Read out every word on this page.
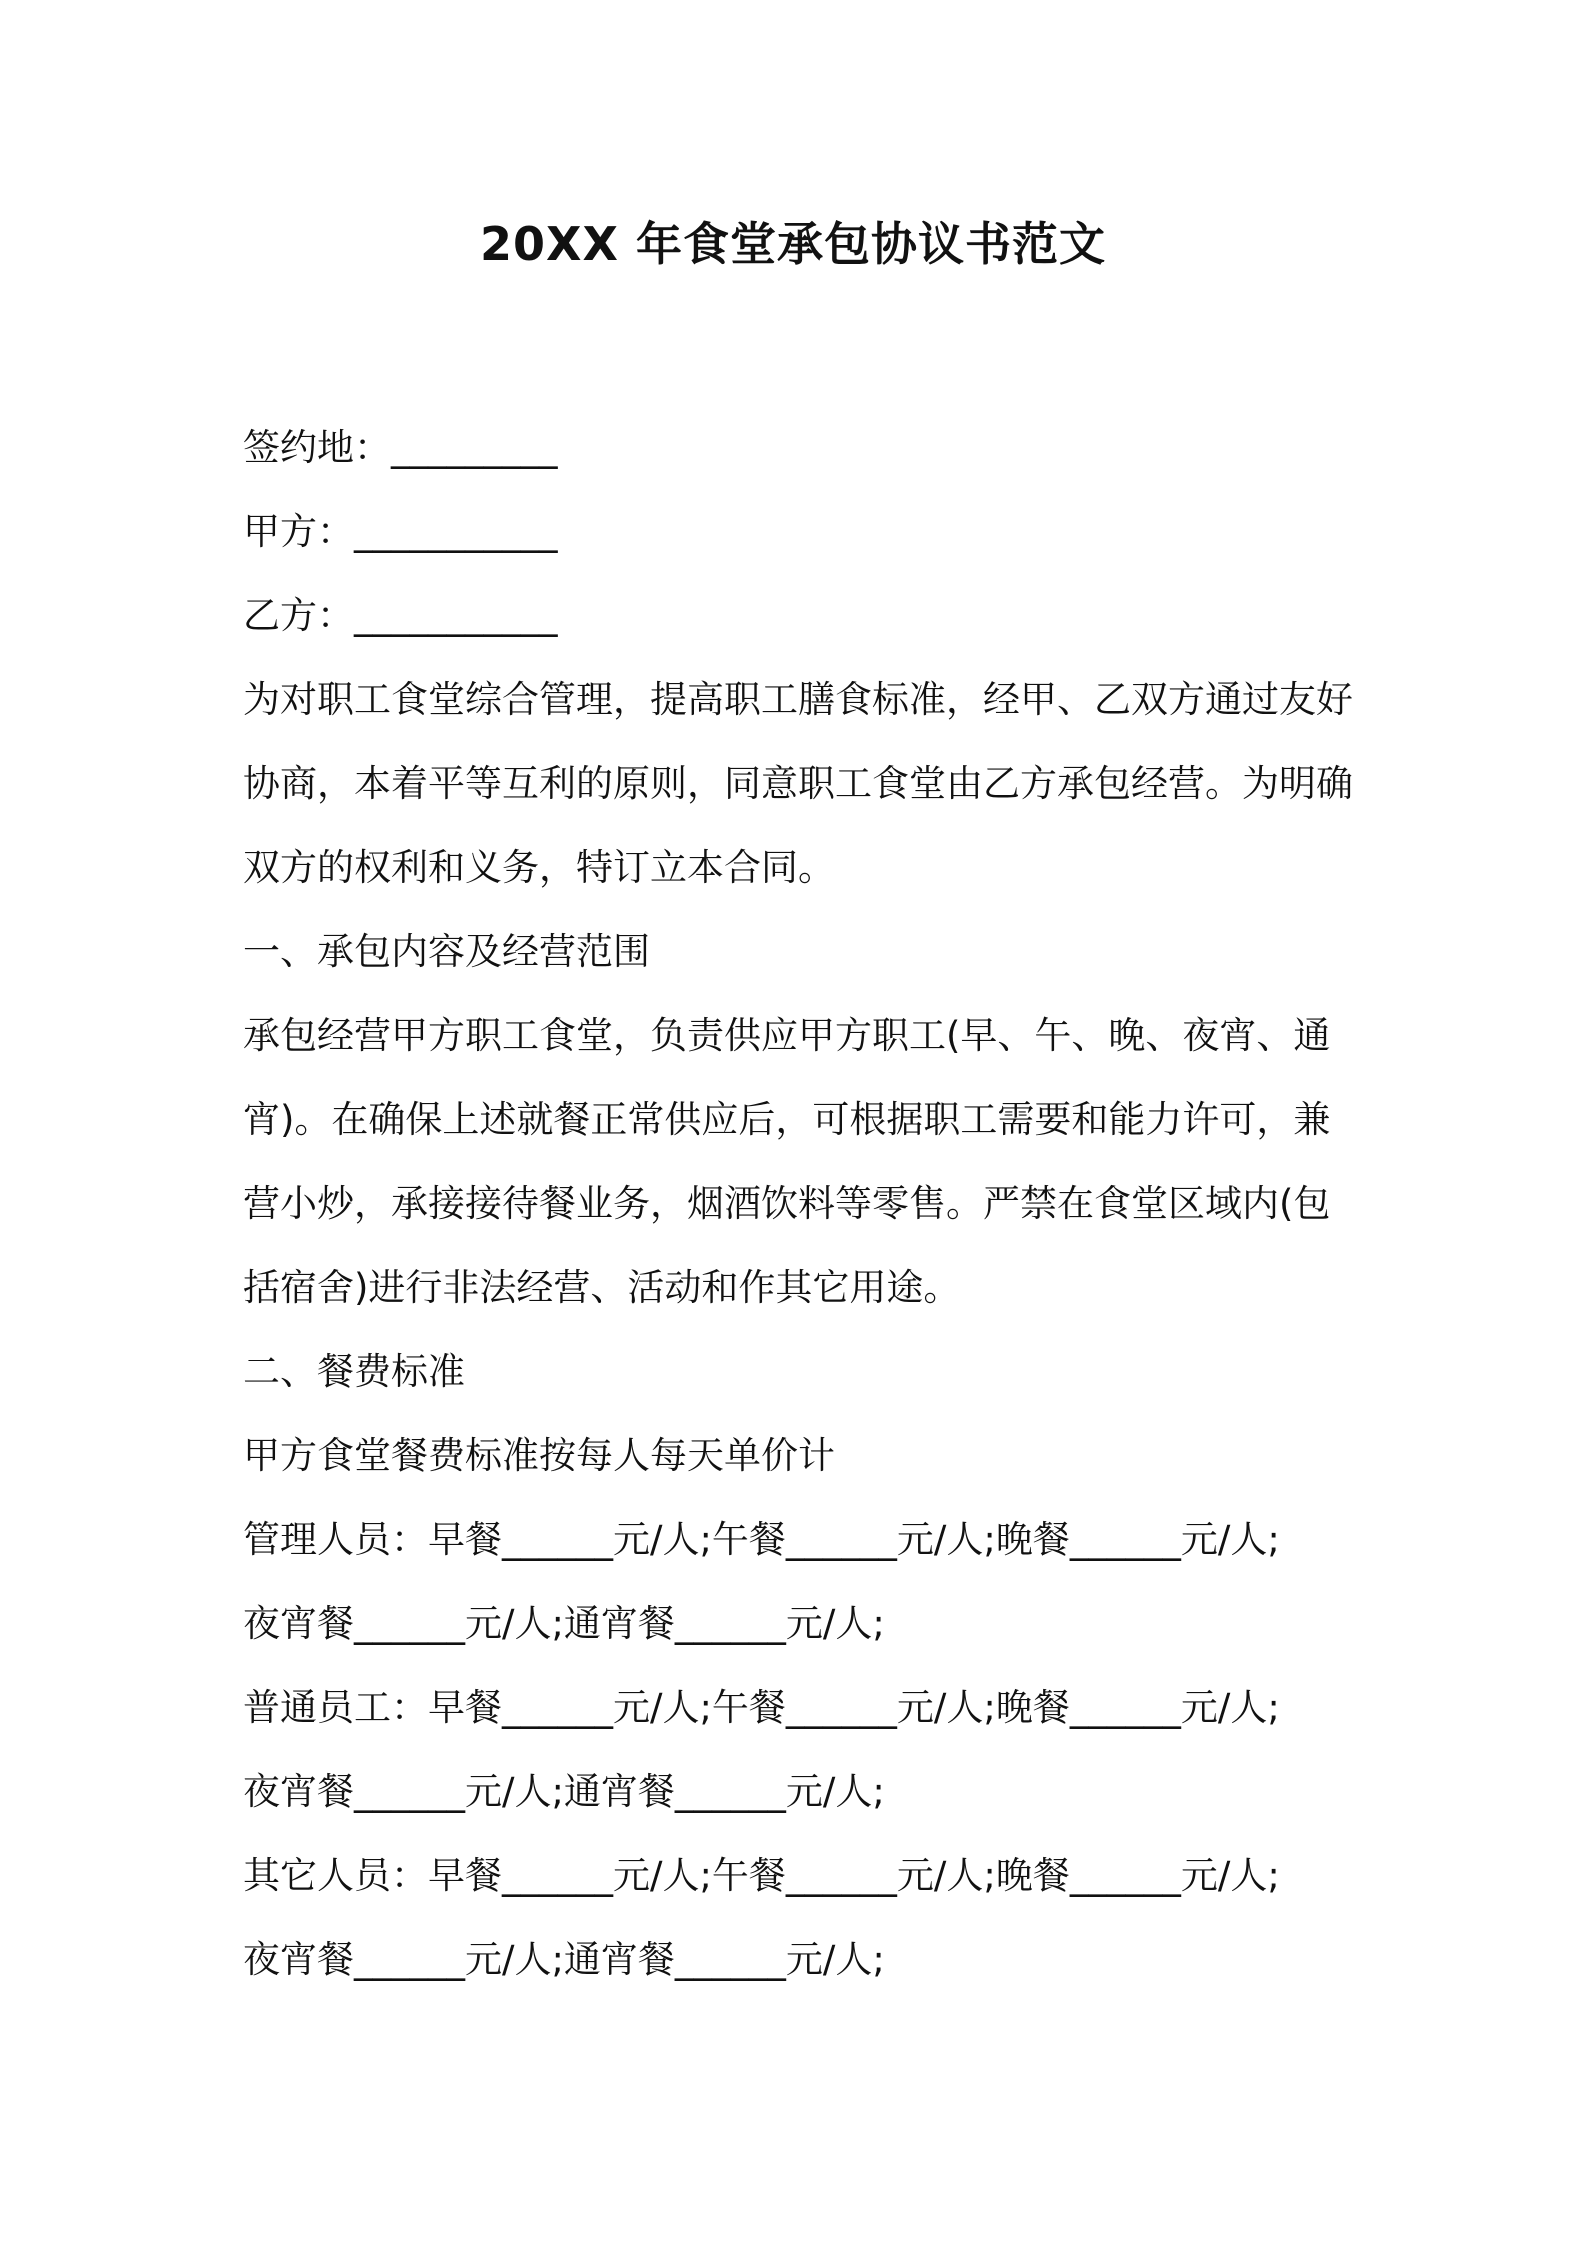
20XX 年食堂承包协议书范文
签约地：_________
甲方：___________
乙方：___________
为对职工食堂综合管理，提高职工膳食标准，经甲、乙双方通过友好
协商，本着平等互利的原则，同意职工食堂由乙方承包经营。为明确
双方的权利和义务，特订立本合同。
一、承包内容及经营范围
承包经营甲方职工食堂，负责供应甲方职工(早、午、晚、夜宵、通
宵)。在确保上述就餐正常供应后，可根据职工需要和能力许可，兼
营小炒，承接接待餐业务，烟酒饮料等零售。严禁在食堂区域内(包
括宿舍)进行非法经营、活动和作其它用途。
二、餐费标准
甲方食堂餐费标准按每人每天单价计
管理人员：早餐______元/人;午餐______元/人;晚餐______元/人;
夜宵餐______元/人;通宵餐______元/人;
普通员工：早餐______元/人;午餐______元/人;晚餐______元/人;
夜宵餐______元/人;通宵餐______元/人;
其它人员：早餐______元/人;午餐______元/人;晚餐______元/人;
夜宵餐______元/人;通宵餐______元/人;
